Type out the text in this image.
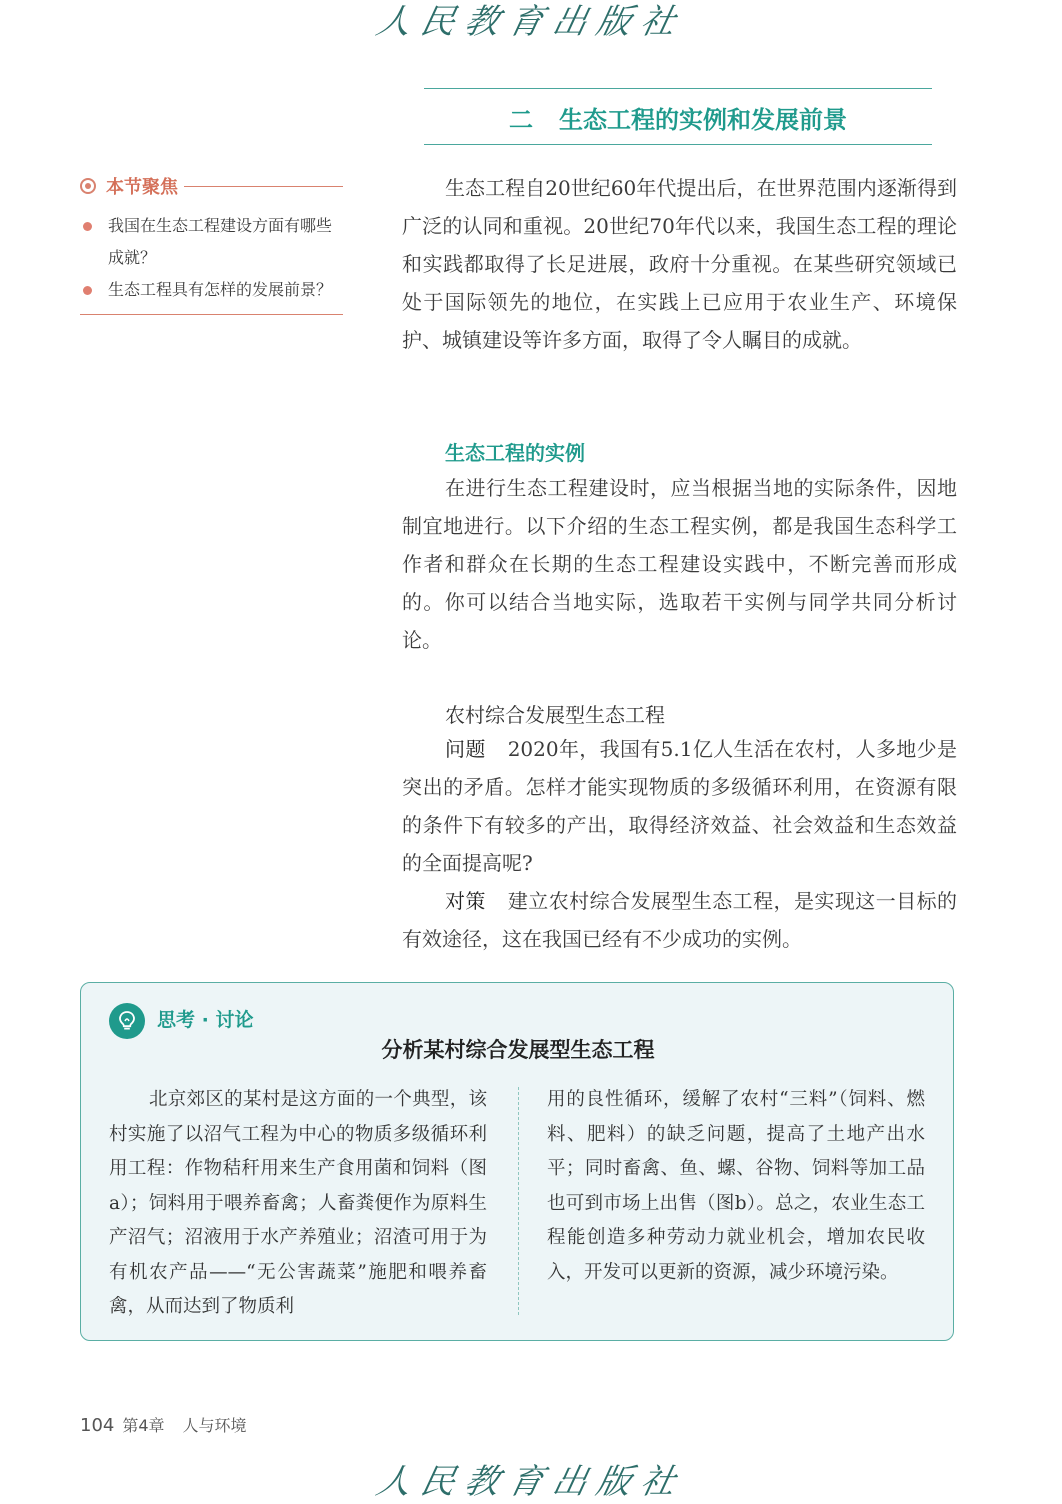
人民教育出版社
二 生态工程的实例和发展前景
本节聚焦
我国在生态工程建设方面有哪些成就？
生态工程具有怎样的发展前景？

生态工程自20世纪60年代提出后，在世界范围内逐渐得到广泛的认同和重视。20世纪70年代以来，我国生态工程的理论和实践都取得了长足进展，政府十分重视。在某些研究领域已处于国际领先的地位，在实践上已应用于农业生产、环境保护、城镇建设等许多方面，取得了令人瞩目的成就。

生态工程的实例

在进行生态工程建设时，应当根据当地的实际条件，因地制宜地进行。以下介绍的生态工程实例，都是我国生态科学工作者和群众在长期的生态工程建设实践中，不断完善而形成的。你可以结合当地实际，选取若干实例与同学共同分析讨论。

农村综合发展型生态工程

问题 2020年，我国有5.1亿人生活在农村，人多地少是突出的矛盾。怎样才能实现物质的多级循环利用，在资源有限的条件下有较多的产出，取得经济效益、社会效益和生态效益的全面提高呢?

对策 建立农村综合发展型生态工程，是实现这一目标的有效途径，这在我国已经有不少成功的实例。

思考 · 讨论
分析某村综合发展型生态工程

北京郊区的某村是这方面的一个典型，该村实施了以沼气工程为中心的物质多级循环利用工程：作物秸秆用来生产食用菌和饲料（图a）；饲料用于喂养畜禽；人畜粪便作为原料生产沼气；沼液用于水产养殖业；沼渣可用于为有机农产品——“无公害蔬菜”施肥和喂养畜禽，从而达到了物质利

用的良性循环，缓解了农村“三料”（饲料、燃料、肥料）的缺乏问题，提高了土地产出水平；同时畜禽、鱼、螺、谷物、饲料等加工品也可到市场上出售（图b）。总之，农业生态工程能创造多种劳动力就业机会，增加农民收入，开发可以更新的资源，减少环境污染。

104 第4章 人与环境
人民教育出版社
